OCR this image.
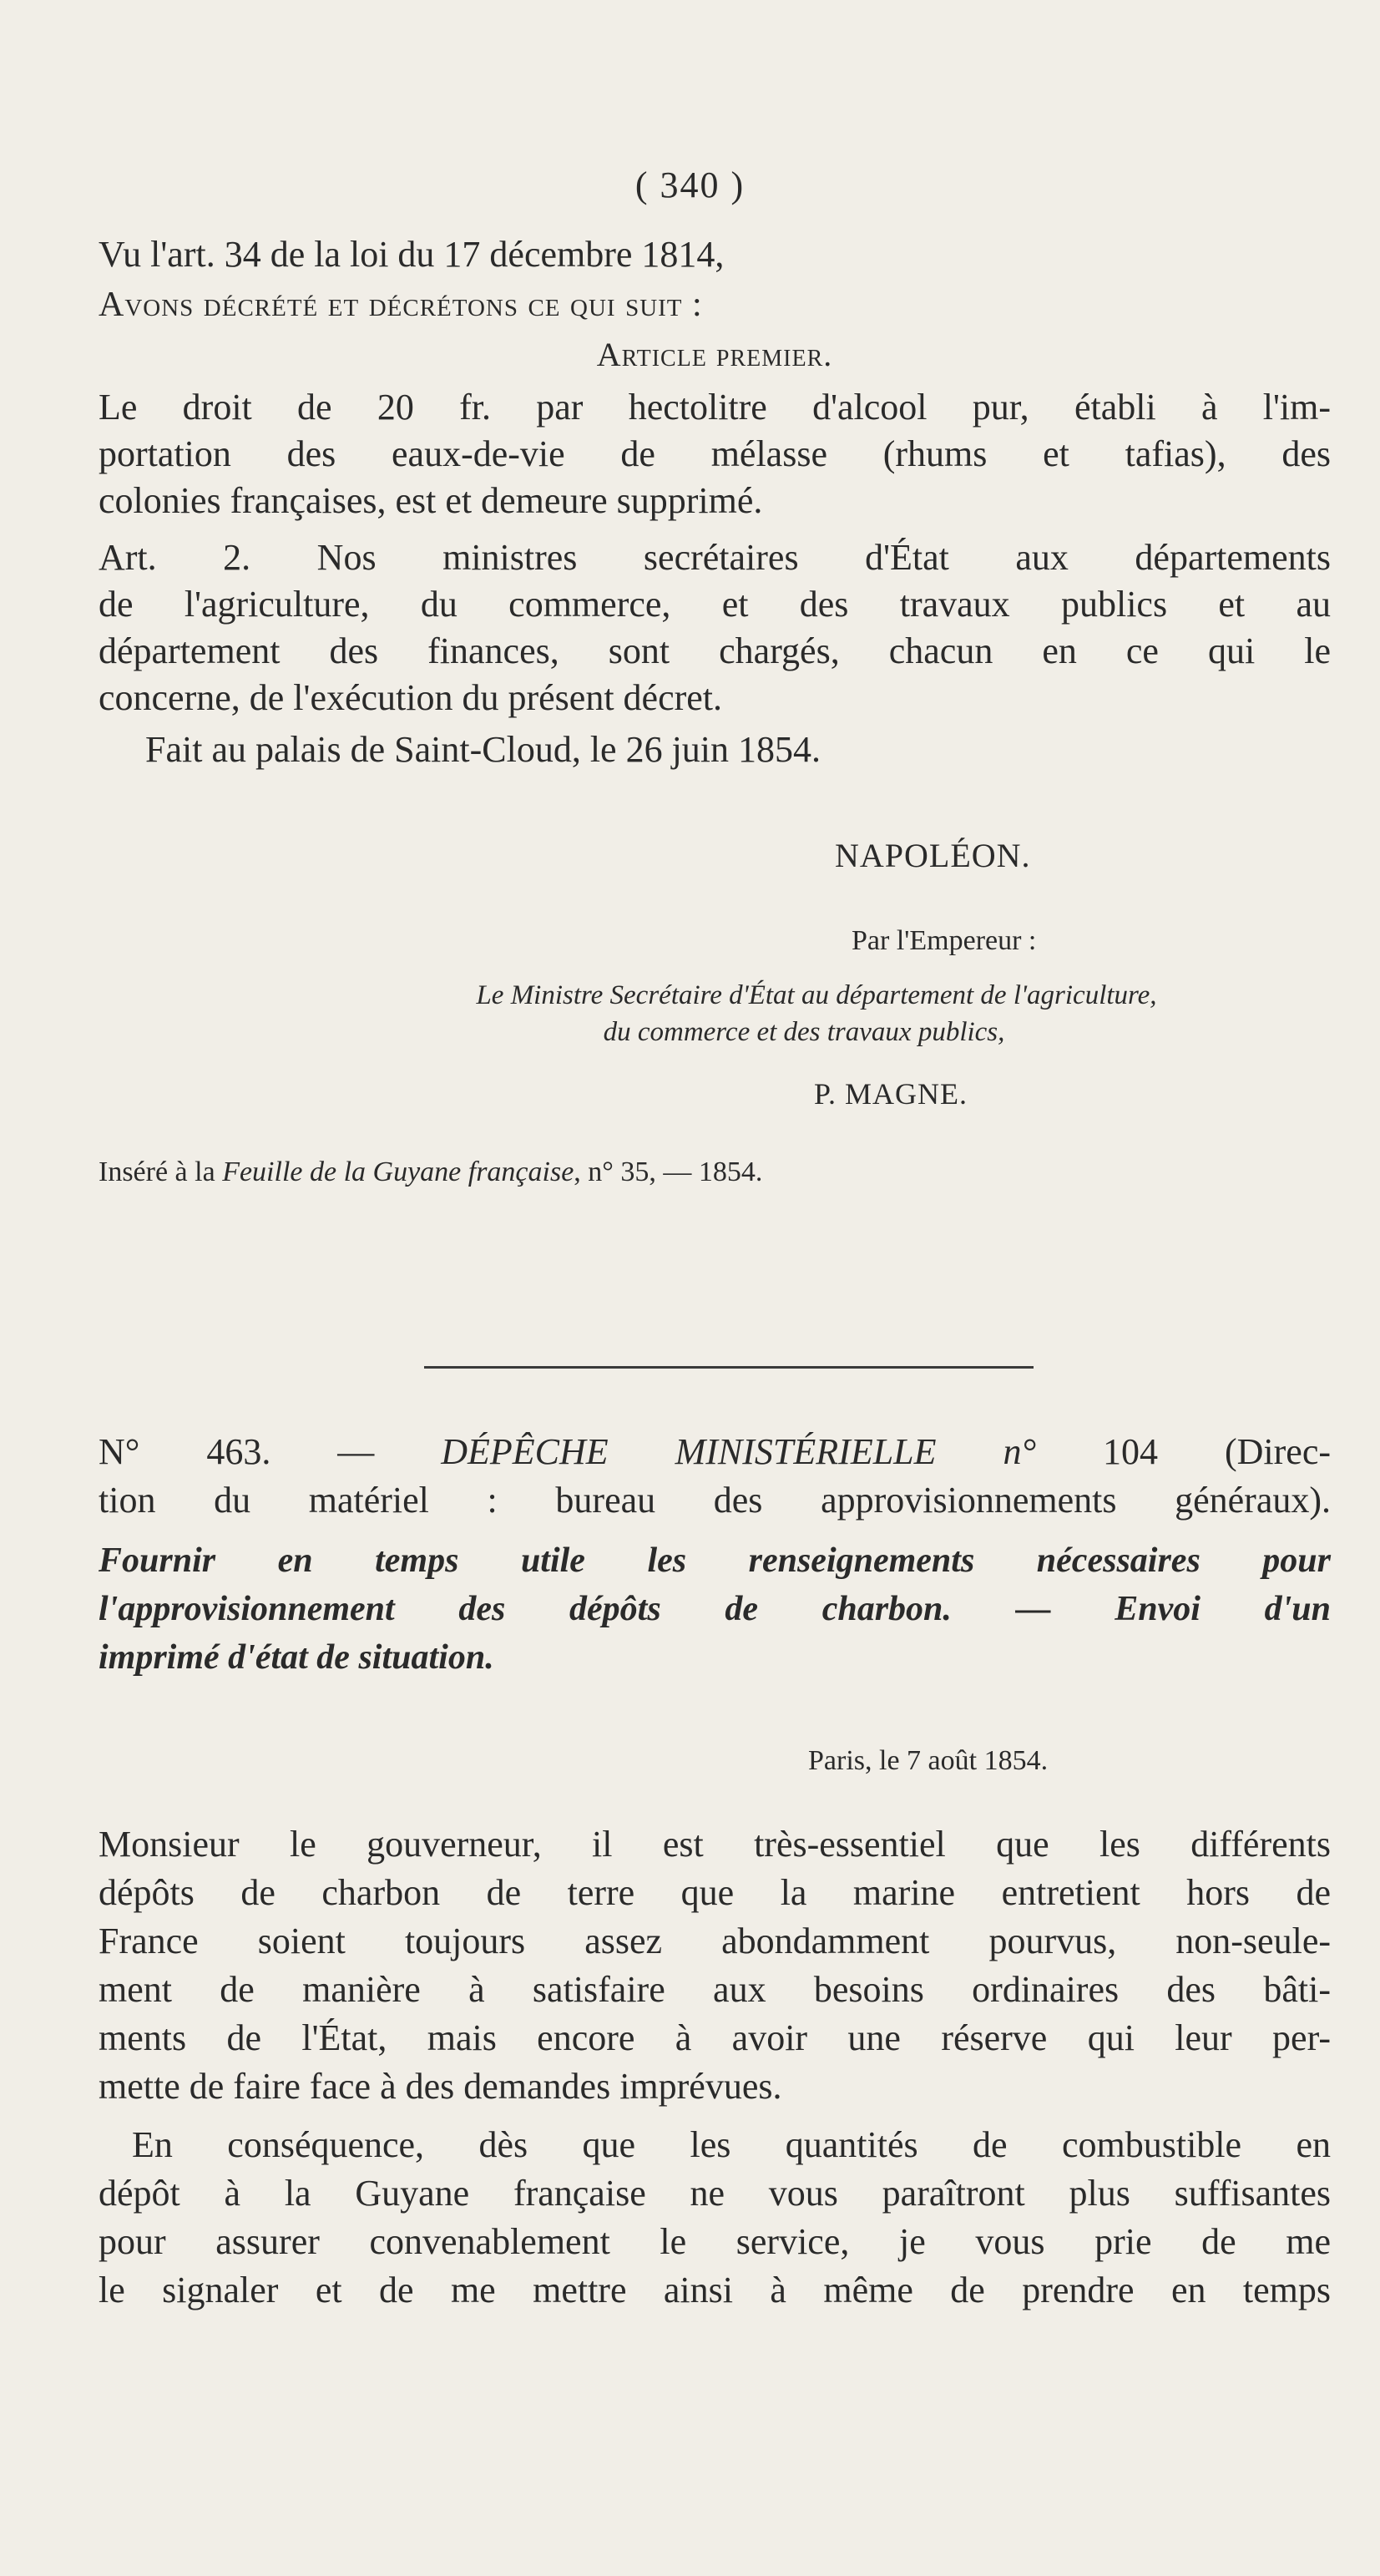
( 340 )

Vu l'art. 34 de la loi du 17 décembre 1814,

Avons décrété et décrétons ce qui suit :
Article premier.

Le droit de 20 fr. par hectolitre d'alcool pur, établi à l'im-

portation des eaux-de-vie de mélasse (rhums et tafias), des

colonies françaises, est et demeure supprimé.

Art. 2. Nos ministres secrétaires d'État aux départements

de l'agriculture, du commerce, et des travaux publics et au

département des finances, sont chargés, chacun en ce qui le

concerne, de l'exécution du présent décret.

Fait au palais de Saint-Cloud, le 26 juin 1854.
NAPOLÉON.
Par l'Empereur :

Le Ministre Secrétaire d'État au département de l'agriculture,

du commerce et des travaux publics,

P. MAGNE.
Inséré à la Feuille de la Guyane française, n° 35, — 1854.

N° 463. — DÉPÊCHE MINISTÉRIELLE n° 104 (Direc-

tion du matériel : bureau des approvisionnements généraux).

Fournir en temps utile les renseignements nécessaires pour

l'approvisionnement des dépôts de charbon. — Envoi d'un

imprimé d'état de situation.

Paris, le 7 août 1854.

Monsieur le gouverneur, il est très-essentiel que les différents

dépôts de charbon de terre que la marine entretient hors de

France soient toujours assez abondamment pourvus, non-seule-

ment de manière à satisfaire aux besoins ordinaires des bâti-

ments de l'État, mais encore à avoir une réserve qui leur per-

mette de faire face à des demandes imprévues.

En conséquence, dès que les quantités de combustible en

dépôt à la Guyane française ne vous paraîtront plus suffisantes

pour assurer convenablement le service, je vous prie de me

le signaler et de me mettre ainsi à même de prendre en temps
